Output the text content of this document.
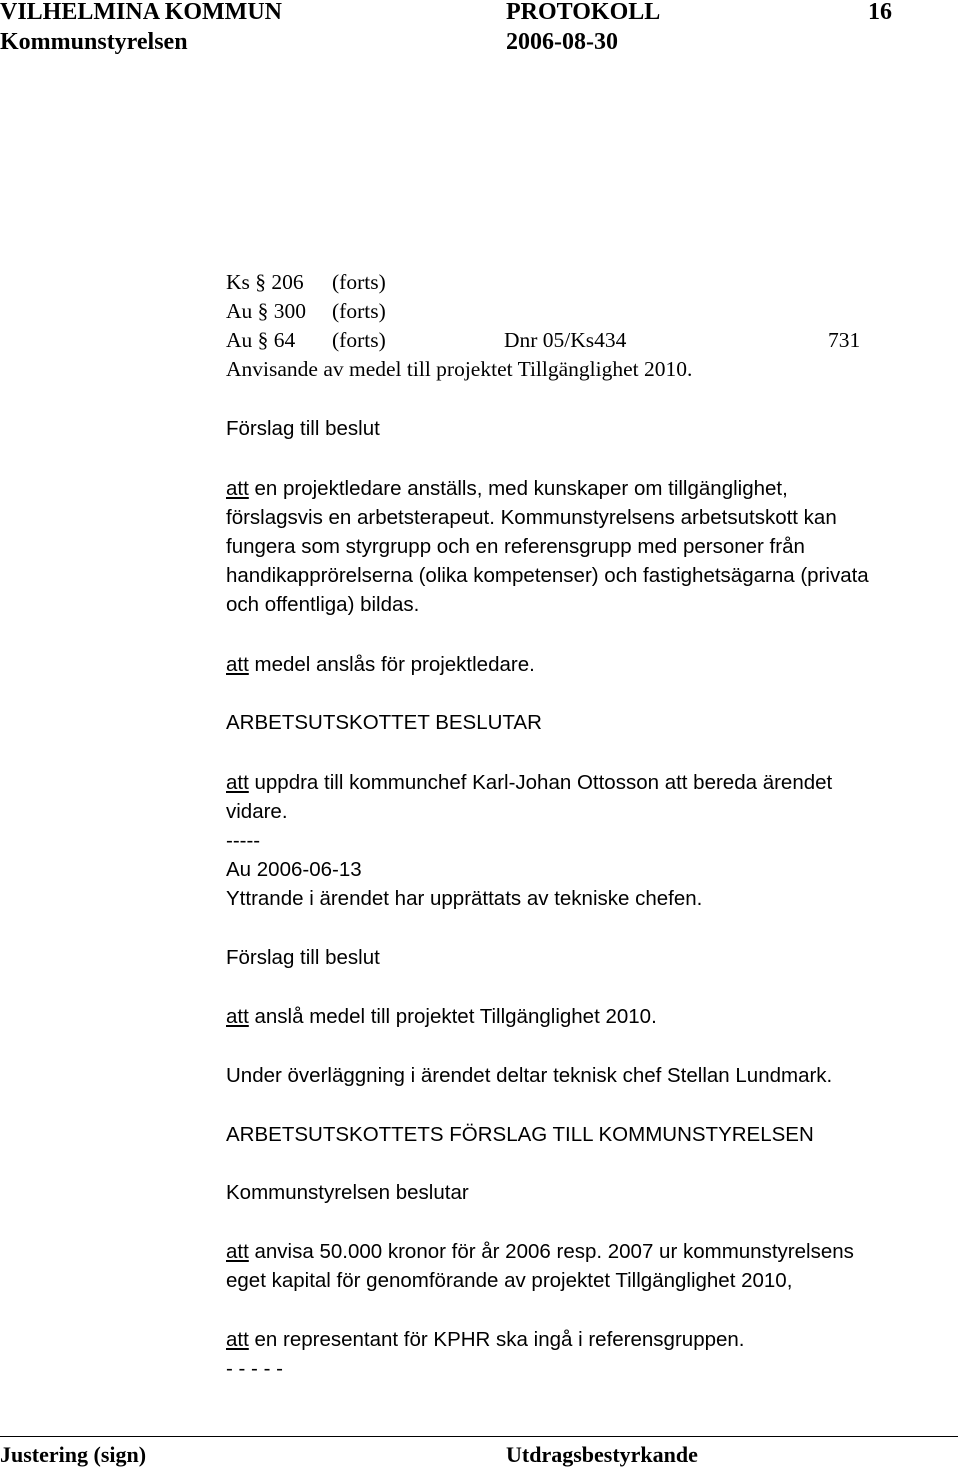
VILHELMINA KOMMUN	PROTOKOLL	16
Kommunstyrelsen	2006-08-30
Ks § 206 (forts)
Au § 300 (forts)
Au § 64 (forts)	Dnr 05/Ks434	731
Anvisande av medel till projektet Tillgänglighet 2010.
Förslag till beslut
att en projektledare anställs, med kunskaper om tillgänglighet,
förslagsvis en arbetsterapeut. Kommunstyrelsens arbetsutskott kan
fungera som styrgrupp och en referensgrupp med personer från
handikapprörelserna (olika kompetenser) och fastighetsägarna (privata
och offentliga) bildas.
att medel anslås för projektledare.
ARBETSUTSKOTTET BESLUTAR
att uppdra till kommunchef Karl-Johan Ottosson att bereda ärendet
vidare.
-----
Au 2006-06-13
Yttrande i ärendet har upprättats av tekniske chefen.
Förslag till beslut
att anslå medel till projektet Tillgänglighet 2010.
Under överläggning i ärendet deltar teknisk chef Stellan Lundmark.
ARBETSUTSKOTTETS FÖRSLAG TILL KOMMUNSTYRELSEN
Kommunstyrelsen beslutar
att anvisa 50.000 kronor för år 2006 resp. 2007 ur kommunstyrelsens
eget kapital för genomförande av projektet Tillgänglighet 2010,
att en representant för KPHR ska ingå i referensgruppen.
- - - - -
Justering (sign)	Utdragsbestyrkande
